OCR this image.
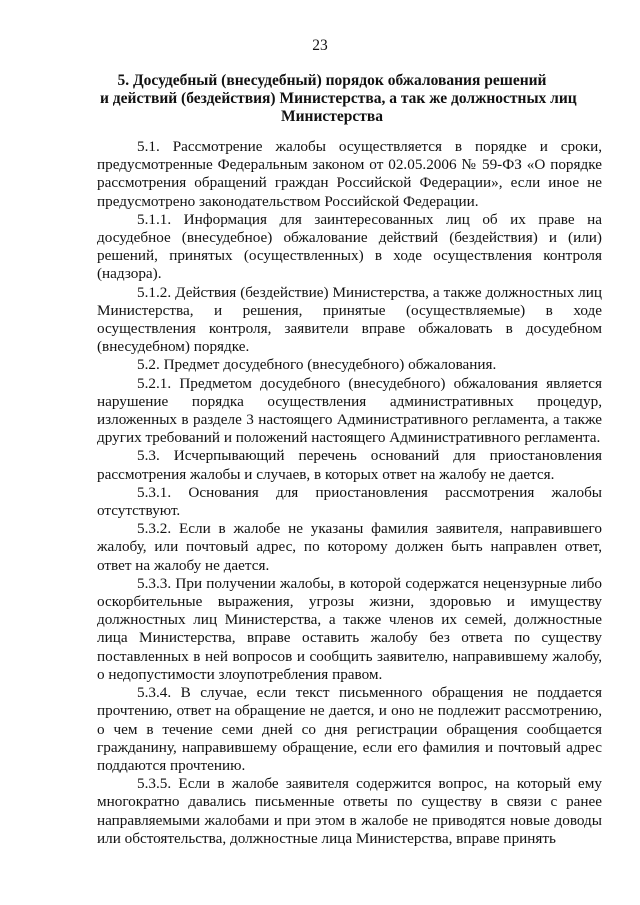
23
5. Досудебный (внесудебный) порядок обжалования решений
и действий (бездействия) Министерства, а так же должностных лиц
Министерства

5.1. Рассмотрение жалобы осуществляется в порядке и сроки, предусмотренные Федеральным законом от 02.05.2006 № 59-ФЗ «О порядке рассмотрения обращений граждан Российской Федерации», если иное не предусмотрено законодательством Российской Федерации.

5.1.1. Информация для заинтересованных лиц об их праве на досудебное (внесудебное) обжалование действий (бездействия) и (или) решений, принятых (осуществленных) в ходе осуществления контроля (надзора).

5.1.2. Действия (бездействие) Министерства, а также должностных лиц Министерства, и решения, принятые (осуществляемые) в ходе осуществления контроля, заявители вправе обжаловать в досудебном (внесудебном) порядке.

5.2. Предмет досудебного (внесудебного) обжалования.

5.2.1. Предметом досудебного (внесудебного) обжалования является нарушение порядка осуществления административных процедур, изложенных в разделе 3 настоящего Административного регламента, а также других требований и положений настоящего Административного регламента.

5.3. Исчерпывающий перечень оснований для приостановления рассмотрения жалобы и случаев, в которых ответ на жалобу не дается.

5.3.1. Основания для приостановления рассмотрения жалобы отсутствуют.

5.3.2. Если в жалобе не указаны фамилия заявителя, направившего жалобу, или почтовый адрес, по которому должен быть направлен ответ, ответ на жалобу не дается.

5.3.3. При получении жалобы, в которой содержатся нецензурные либо оскорбительные выражения, угрозы жизни, здоровью и имуществу должностных лиц Министерства, а также членов их семей, должностные лица Министерства, вправе оставить жалобу без ответа по существу поставленных в ней вопросов и сообщить заявителю, направившему жалобу, о недопустимости злоупотребления правом.

5.3.4. В случае, если текст письменного обращения не поддается прочтению, ответ на обращение не дается, и оно не подлежит рассмотрению, о чем в течение семи дней со дня регистрации обращения сообщается гражданину, направившему обращение, если его фамилия и почтовый адрес поддаются прочтению.

5.3.5. Если в жалобе заявителя содержится вопрос, на который ему многократно давались письменные ответы по существу в связи с ранее направляемыми жалобами и при этом в жалобе не приводятся новые доводы или обстоятельства, должностные лица Министерства, вправе принять
